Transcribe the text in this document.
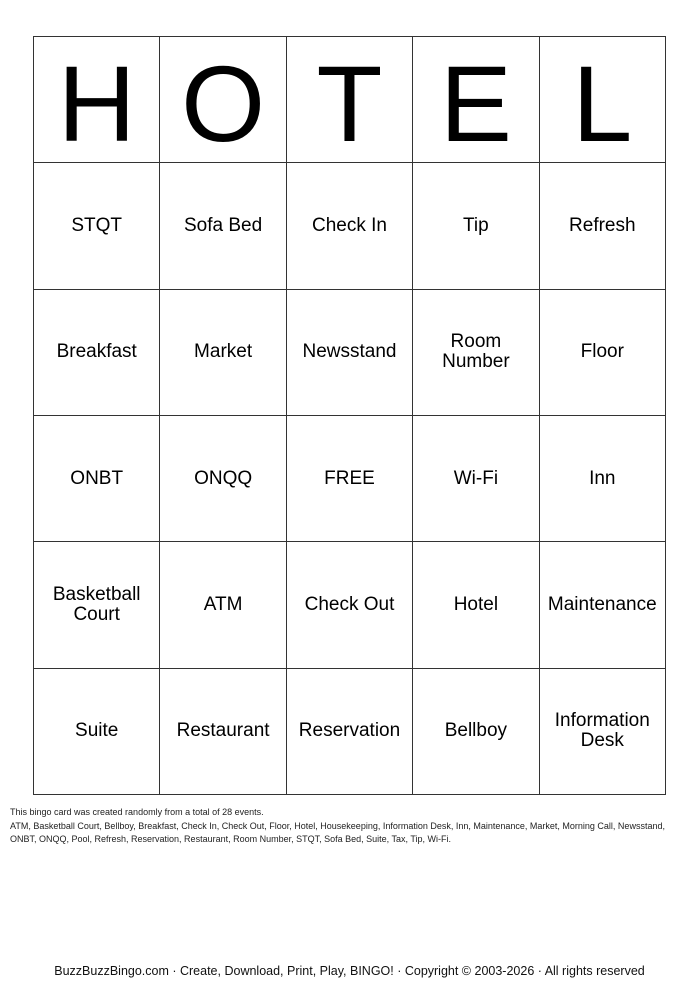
H O T E L
STQT	Sofa Bed	Check In	Tip	Refresh
Breakfast	Market	Newsstand	Room Number	Floor
ONBT	ONQQ	FREE	Wi-Fi	Inn
Basketball Court	ATM	Check Out	Hotel	Maintenance
Suite	Restaurant	Reservation	Bellboy	Information Desk
This bingo card was created randomly from a total of 28 events.
ATM, Basketball Court, Bellboy, Breakfast, Check In, Check Out, Floor, Hotel, Housekeeping, Information Desk, Inn, Maintenance, Market, Morning Call, Newsstand, ONBT, ONQQ, Pool, Refresh, Reservation, Restaurant, Room Number, STQT, Sofa Bed, Suite, Tax, Tip, Wi-Fi.
BuzzBuzzBingo.com · Create, Download, Print, Play, BINGO! · Copyright © 2003-2026 · All rights reserved
